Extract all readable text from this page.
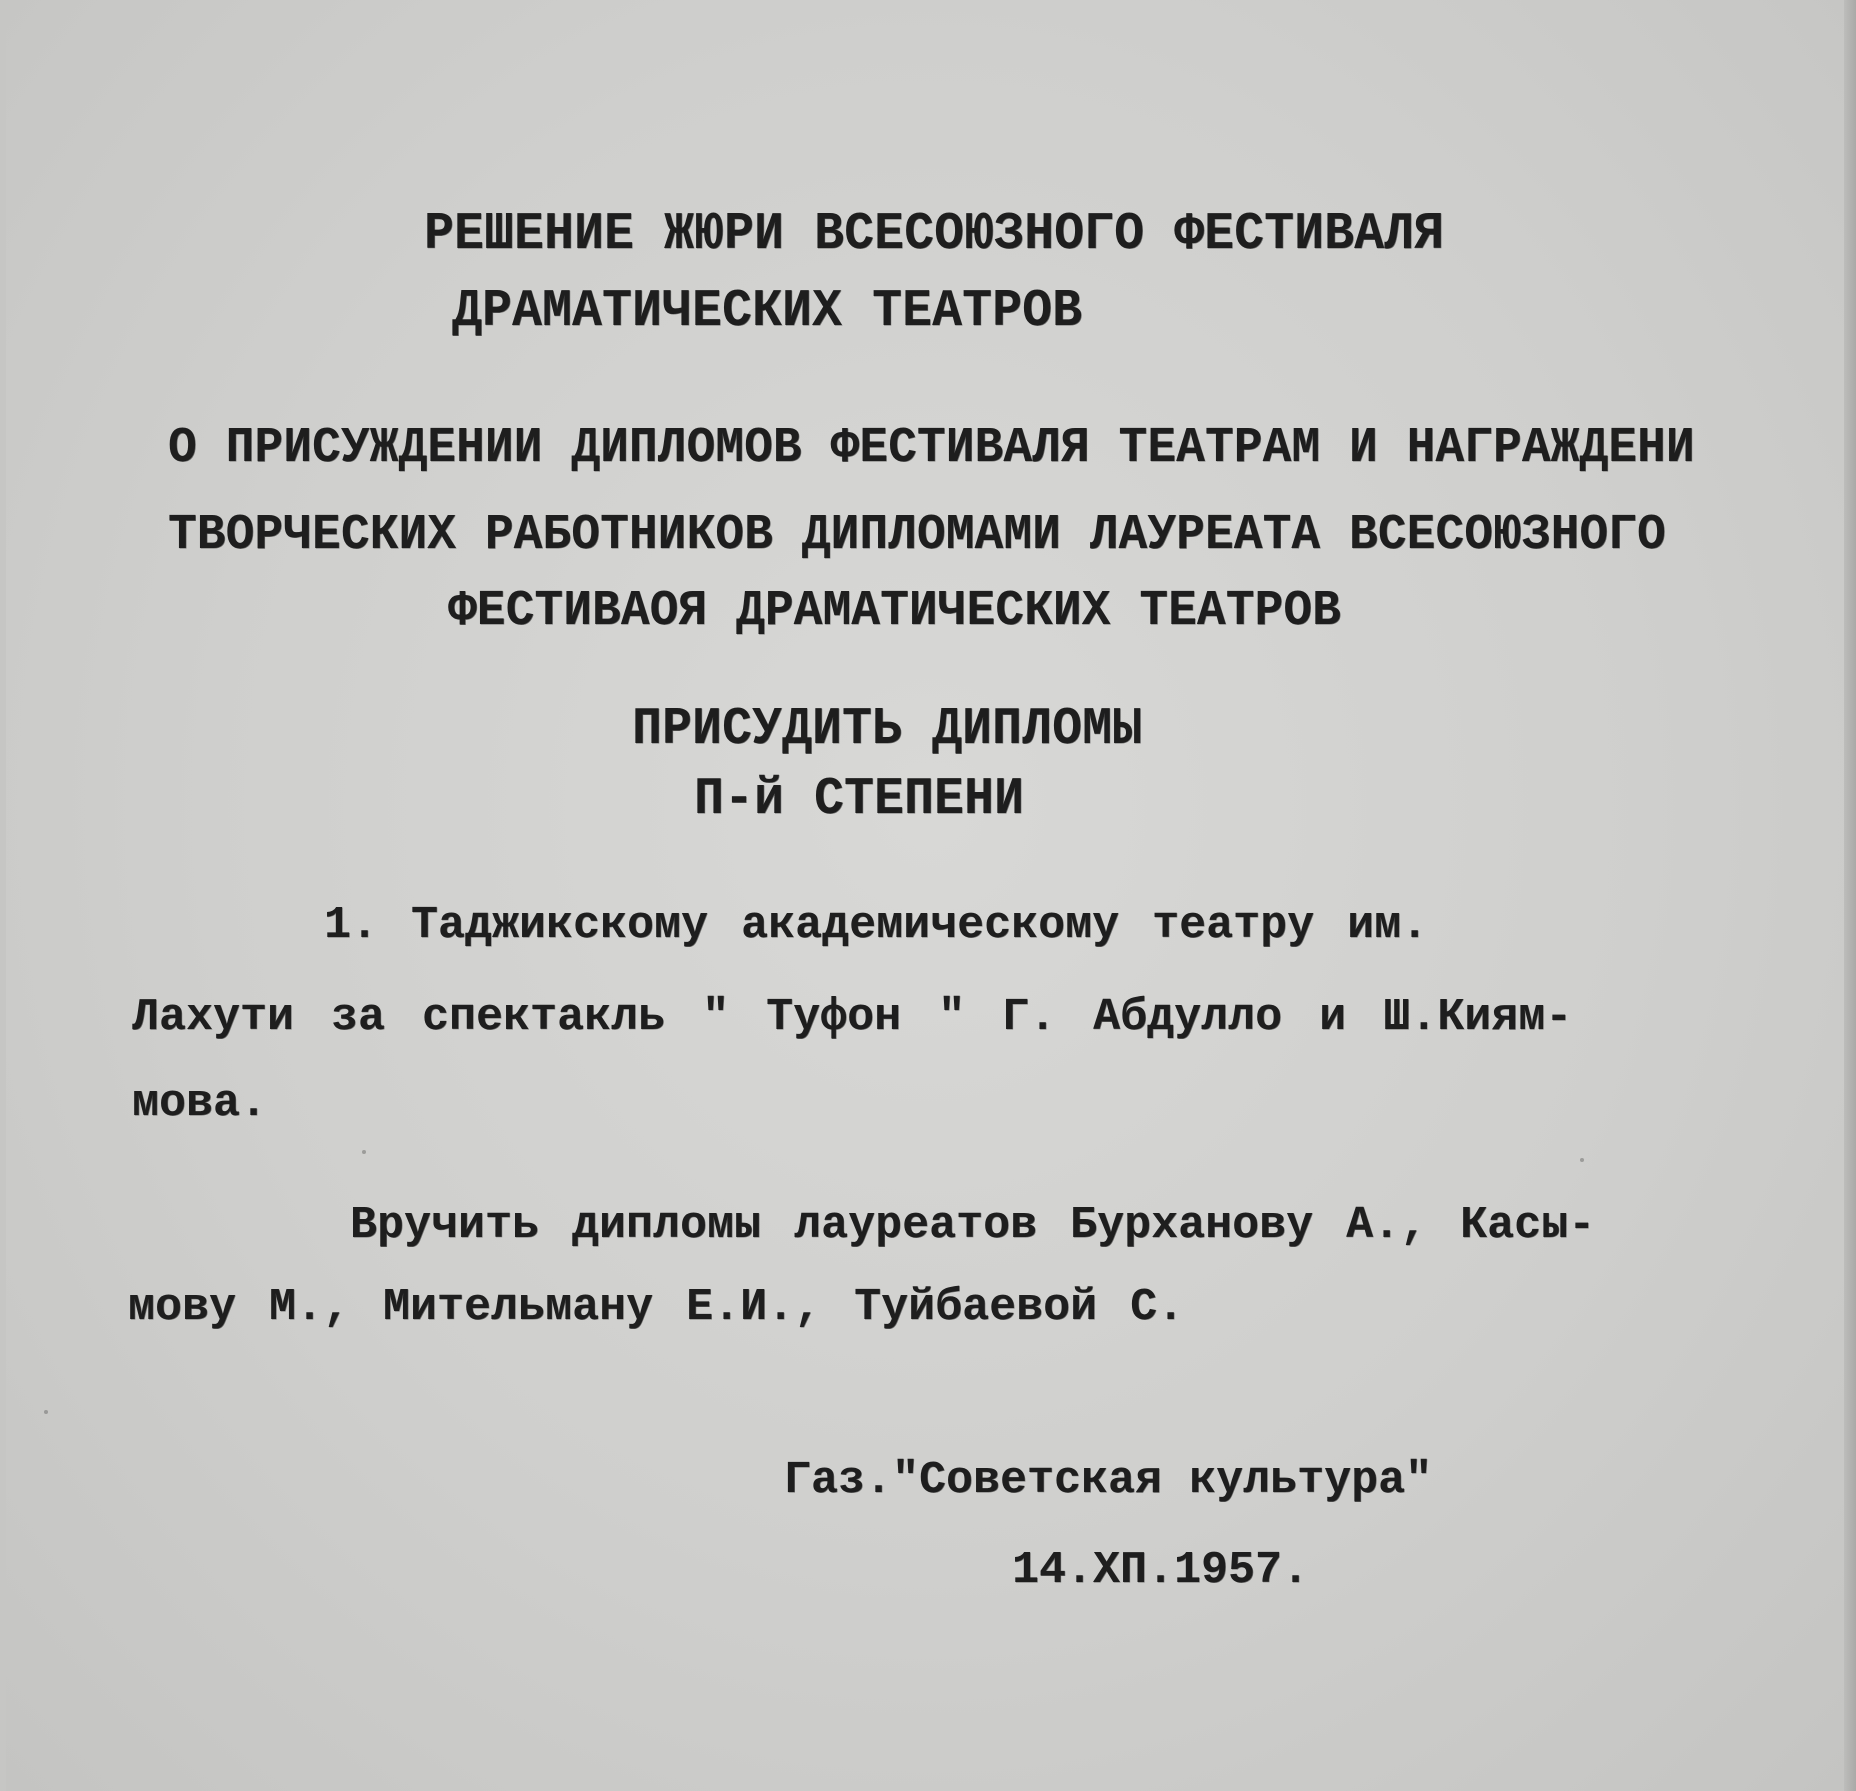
РЕШЕНИЕ ЖЮРИ ВСЕСОЮЗНОГО ФЕСТИВАЛЯ
ДРАМАТИЧЕСКИХ ТЕАТРОВ
О ПРИСУЖДЕНИИ ДИПЛОМОВ ФЕСТИВАЛЯ ТЕАТРАМ И НАГРАЖДЕНИ
ТВОРЧЕСКИХ РАБОТНИКОВ ДИПЛОМАМИ ЛАУРЕАТА ВСЕСОЮЗНОГО
ФЕСТИВАОЯ ДРАМАТИЧЕСКИХ ТЕАТРОВ
ПРИСУДИТЬ ДИПЛОМЫ
П-й СТЕПЕНИ
1. Таджикскому академическому театру им.
Лахути за спектакль " Туфон " Г. Абдулло и Ш.Киям-
мова.
Вручить дипломы лауреатов Бурханову А., Касы-
мову М., Мительману Е.И., Туйбаевой С.
Газ."Советская культура"
14.ХП.1957.
